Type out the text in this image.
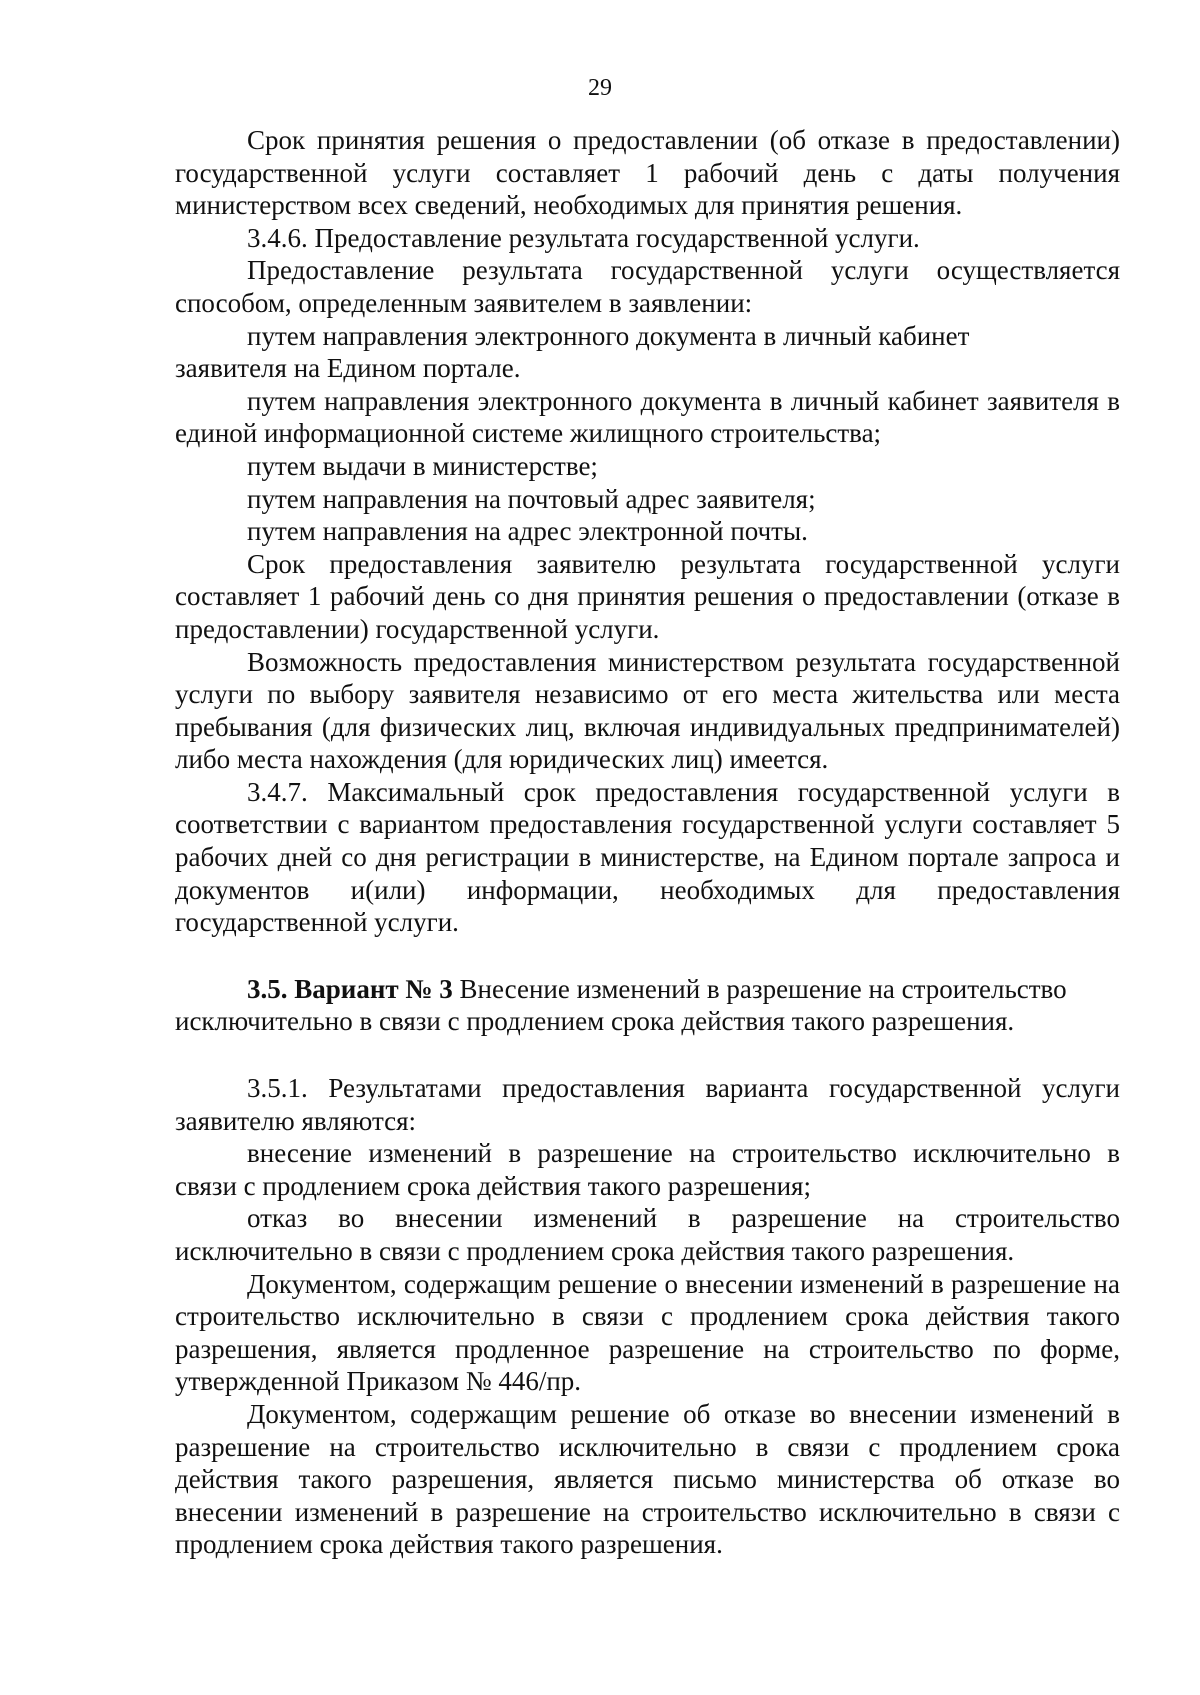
29

Срок принятия решения о предоставлении (об отказе в предоставлении) государственной услуги составляет 1 рабочий день с даты получения министерством всех сведений, необходимых для принятия решения.

3.4.6. Предоставление результата государственной услуги.

Предоставление результата государственной услуги осуществляется способом, определенным заявителем в заявлении:

путем направления электронного документа в личный кабинет

заявителя на Едином портале.

путем направления электронного документа в личный кабинет заявителя в единой информационной системе жилищного строительства;

путем выдачи в министерстве;

путем направления на почтовый адрес заявителя;

путем направления на адрес электронной почты.

Срок предоставления заявителю результата государственной услуги составляет 1 рабочий день со дня принятия решения о предоставлении (отказе в предоставлении) государственной услуги.

Возможность предоставления министерством результата государственной услуги по выбору заявителя независимо от его места жительства или места пребывания (для физических лиц, включая индивидуальных предпринимателей) либо места нахождения (для юридических лиц) имеется.

3.4.7. Максимальный срок предоставления государственной услуги в соответствии с вариантом предоставления государственной услуги составляет 5 рабочих дней со дня регистрации в министерстве, на Едином портале запроса и документов и(или) информации, необходимых для предоставления государственной услуги.

3.5. Вариант № 3 Внесение изменений в разрешение на строительство исключительно в связи с продлением срока действия такого разрешения.

3.5.1. Результатами предоставления варианта государственной услуги заявителю являются:

внесение изменений в разрешение на строительство исключительно в связи с продлением срока действия такого разрешения;

отказ во внесении изменений в разрешение на строительство исключительно в связи с продлением срока действия такого разрешения.

Документом, содержащим решение о внесении изменений в разрешение на строительство исключительно в связи с продлением срока действия такого разрешения, является продленное разрешение на строительство по форме, утвержденной Приказом № 446/пр.

Документом, содержащим решение об отказе во внесении изменений в разрешение на строительство исключительно в связи с продлением срока действия такого разрешения, является письмо министерства об отказе во внесении изменений в разрешение на строительство исключительно в связи с продлением срока действия такого разрешения.
